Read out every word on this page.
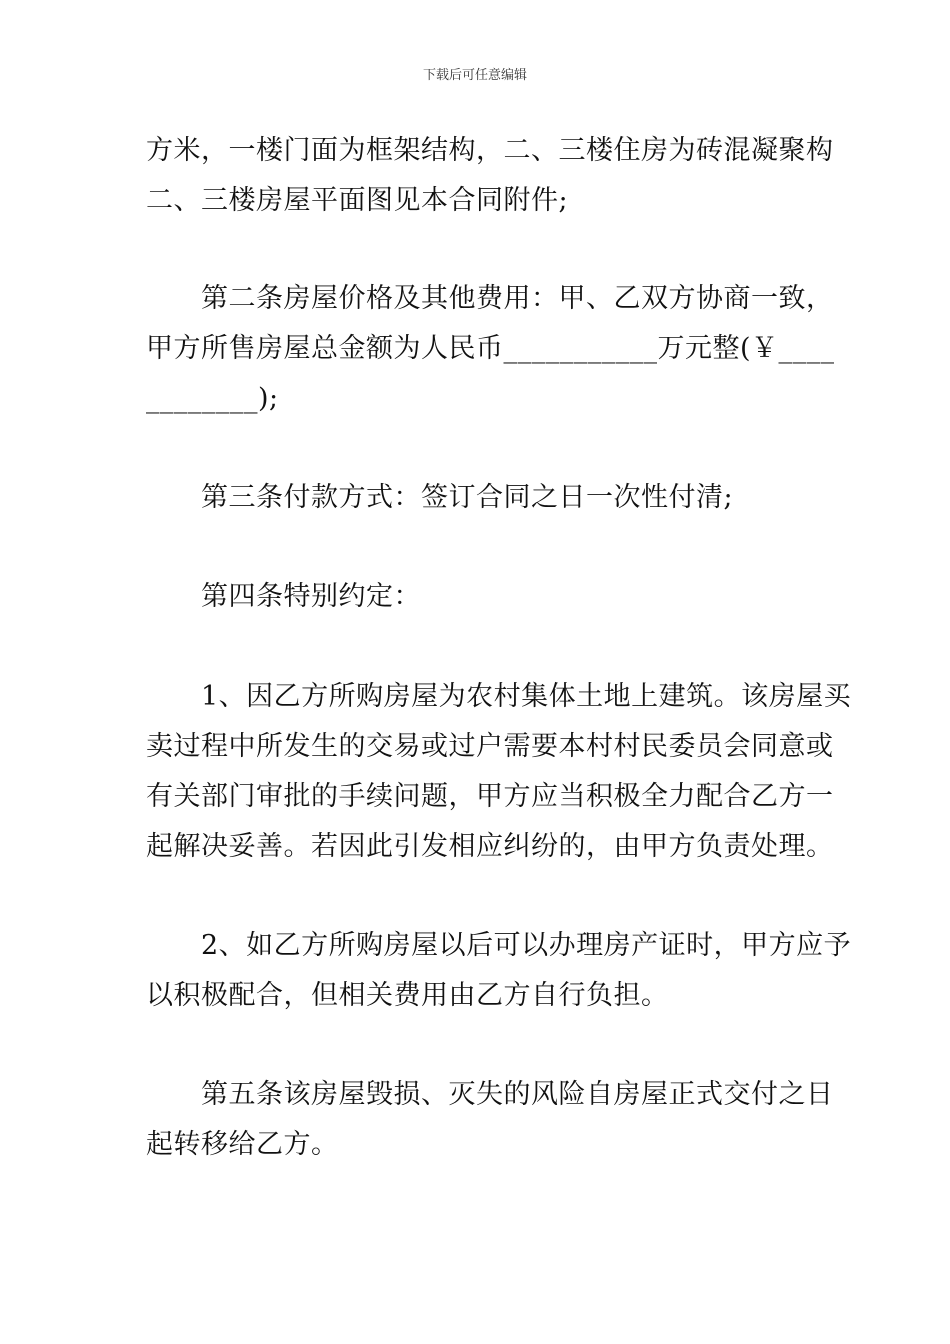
下载后可任意编辑
方米，一楼门面为框架结构，二、三楼住房为砖混凝聚构
二、三楼房屋平面图见本合同附件;
　　第二条房屋价格及其他费用：甲、乙双方协商一致，
甲方所售房屋总金额为人民币___________万元整(￥____
________);
　　第三条付款方式：签订合同之日一次性付清;
　　第四条特别约定：
　　1、因乙方所购房屋为农村集体土地上建筑。该房屋买
卖过程中所发生的交易或过户需要本村村民委员会同意或
有关部门审批的手续问题，甲方应当积极全力配合乙方一
起解决妥善。若因此引发相应纠纷的，由甲方负责处理。
　　2、如乙方所购房屋以后可以办理房产证时，甲方应予
以积极配合，但相关费用由乙方自行负担。
　　第五条该房屋毁损、灭失的风险自房屋正式交付之日
起转移给乙方。
